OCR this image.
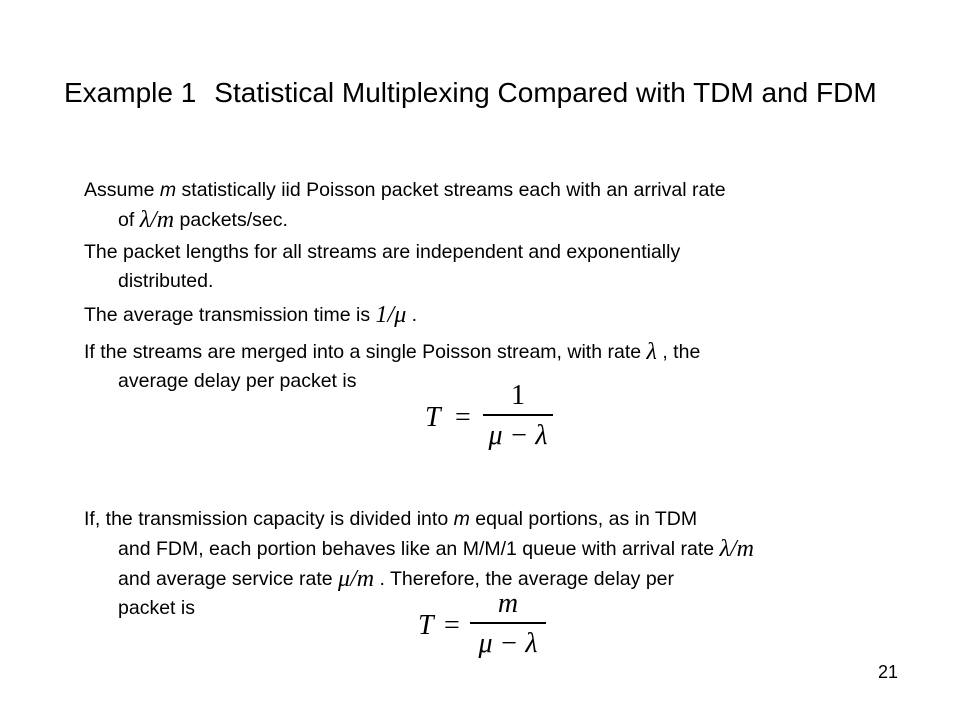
Example 1 Statistical Multiplexing Compared with TDM and FDM
Assume m statistically iid Poisson packet streams each with an arrival rate
of λ/m packets/sec.
The packet lengths for all streams are independent and exponentially
distributed.
The average transmission time is 1/μ .
If the streams are merged into a single Poisson stream, with rate λ , the
average delay per packet is
T =
1
μ − λ
If, the transmission capacity is divided into m equal portions, as in TDM
and FDM, each portion behaves like an M/M/1 queue with arrival rate λ/m
and average service rate μ/m . Therefore, the average delay per
packet is
T =
m
μ − λ
21
